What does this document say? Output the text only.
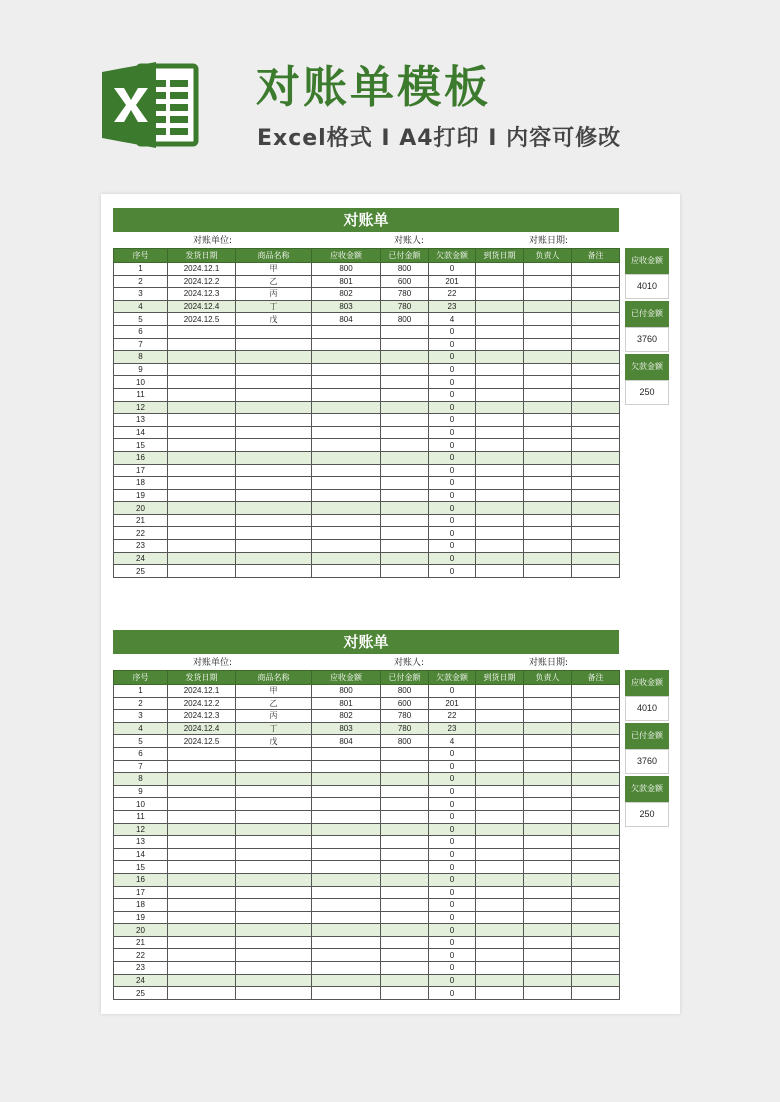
对账单模板
Excel格式 I A4打印 I 内容可修改
对账单
对账单位:	对账人:	对账日期:
序号	发货日期	商品名称	应收金额	已付金额	欠款金额	到货日期	负责人	备注
1	2024.12.1	甲	800	800	0			
2	2024.12.2	乙	801	600	201			
3	2024.12.3	丙	802	780	22			
4	2024.12.4	丁	803	780	23			
5	2024.12.5	戊	804	800	4			
6					0			
7					0			
8					0			
9					0			
10					0			
11					0			
12					0			
13					0			
14					0			
15					0			
16					0			
17					0			
18					0			
19					0			
20					0			
21					0			
22					0			
23					0			
24					0			
25					0			
应收金额
4010
已付金额
3760
欠款金额
250
对账单
对账单位:	对账人:	对账日期:
序号	发货日期	商品名称	应收金额	已付金额	欠款金额	到货日期	负责人	备注
1	2024.12.1	甲	800	800	0			
2	2024.12.2	乙	801	600	201			
3	2024.12.3	丙	802	780	22			
4	2024.12.4	丁	803	780	23			
5	2024.12.5	戊	804	800	4			
6					0			
7					0			
8					0			
9					0			
10					0			
11					0			
12					0			
13					0			
14					0			
15					0			
16					0			
17					0			
18					0			
19					0			
20					0			
21					0			
22					0			
23					0			
24					0			
25					0			
应收金额
4010
已付金额
3760
欠款金额
250
